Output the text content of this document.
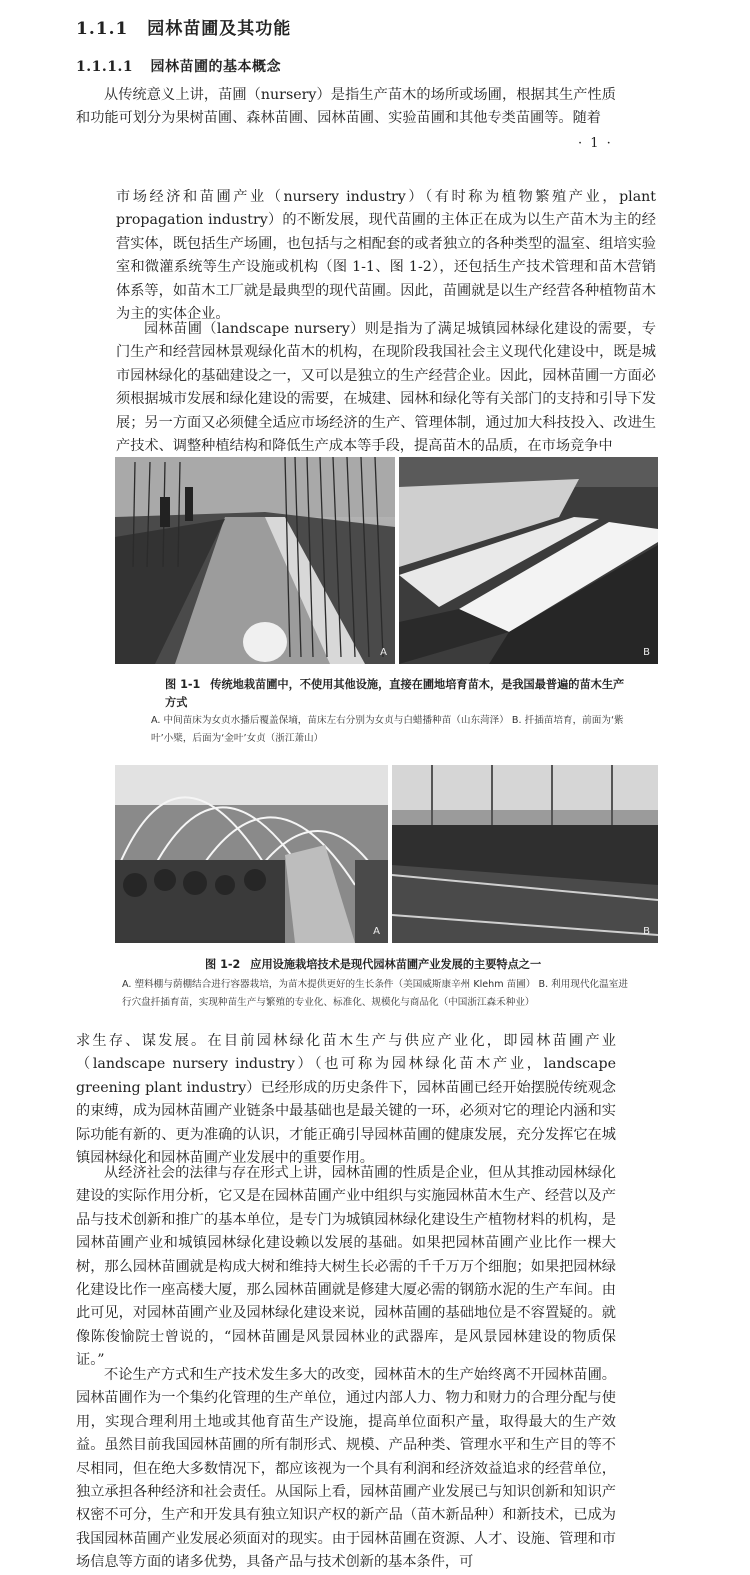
1.1.1 园林苗圃及其功能
1.1.1.1 园林苗圃的基本概念

从传统意义上讲，苗圃（nursery）是指生产苗木的场所或场圃，根据其生产性质和功能可划分为果树苗圃、森林苗圃、园林苗圃、实验苗圃和其他专类苗圃等。随着

· 1 ·

市场经济和苗圃产业（nursery industry）（有时称为植物繁殖产业，plant propagation industry）的不断发展，现代苗圃的主体正在成为以生产苗木为主的经营实体，既包括生产场圃，也包括与之相配套的或者独立的各种类型的温室、组培实验室和微灌系统等生产设施或机构（图 1-1、图 1-2），还包括生产技术管理和苗木营销体系等，如苗木工厂就是最典型的现代苗圃。因此，苗圃就是以生产经营各种植物苗木为主的实体企业。

园林苗圃（landscape nursery）则是指为了满足城镇园林绿化建设的需要，专门生产和经营园林景观绿化苗木的机构，在现阶段我国社会主义现代化建设中，既是城市园林绿化的基础建设之一，又可以是独立的生产经营企业。因此，园林苗圃一方面必须根据城市发展和绿化建设的需要，在城建、园林和绿化等有关部门的支持和引导下发展；另一方面又必须健全适应市场经济的生产、管理体制，通过加大科技投入、改进生产技术、调整种植结构和降低生产成本等手段，提高苗木的品质，在市场竞争中

A	B
图 1-1 传统地栽苗圃中，不使用其他设施，直接在圃地培育苗木，是我国最普遍的苗木生产方式
A. 中间苗床为女贞水播后覆盖保墒，苗床左右分别为女贞与白蜡播种苗（山东菏泽） B. 扦插苗培育，前面为‘紫叶’小檗，后面为‘金叶’女贞（浙江萧山）
A	B
图 1-2 应用设施栽培技术是现代园林苗圃产业发展的主要特点之一
A. 塑料棚与荫棚结合进行容器栽培，为苗木提供更好的生长条件（美国威斯康辛州 Klehm 苗圃） B. 利用现代化温室进行穴盘扦插育苗，实现种苗生产与繁殖的专业化、标准化、规模化与商品化（中国浙江森禾种业）

求生存、谋发展。在目前园林绿化苗木生产与供应产业化，即园林苗圃产业（landscape nursery industry）（也可称为园林绿化苗木产业，landscape greening plant industry）已经形成的历史条件下，园林苗圃已经开始摆脱传统观念的束缚，成为园林苗圃产业链条中最基础也是最关键的一环，必须对它的理论内涵和实际功能有新的、更为准确的认识，才能正确引导园林苗圃的健康发展，充分发挥它在城镇园林绿化和园林苗圃产业发展中的重要作用。

从经济社会的法律与存在形式上讲，园林苗圃的性质是企业，但从其推动园林绿化建设的实际作用分析，它又是在园林苗圃产业中组织与实施园林苗木生产、经营以及产品与技术创新和推广的基本单位，是专门为城镇园林绿化建设生产植物材料的机构，是园林苗圃产业和城镇园林绿化建设赖以发展的基础。如果把园林苗圃产业比作一棵大树，那么园林苗圃就是构成大树和维持大树生长必需的千千万万个细胞；如果把园林绿化建设比作一座高楼大厦，那么园林苗圃就是修建大厦必需的钢筋水泥的生产车间。由此可见，对园林苗圃产业及园林绿化建设来说，园林苗圃的基础地位是不容置疑的。就像陈俊愉院士曾说的，“园林苗圃是风景园林业的武器库，是风景园林建设的物质保证。”

不论生产方式和生产技术发生多大的改变，园林苗木的生产始终离不开园林苗圃。园林苗圃作为一个集约化管理的生产单位，通过内部人力、物力和财力的合理分配与使用，实现合理利用土地或其他育苗生产设施，提高单位面积产量，取得最大的生产效益。虽然目前我国园林苗圃的所有制形式、规模、产品种类、管理水平和生产目的等不尽相同，但在绝大多数情况下，都应该视为一个具有利润和经济效益追求的经营单位，独立承担各种经济和社会责任。从国际上看，园林苗圃产业发展已与知识创新和知识产权密不可分，生产和开发具有独立知识产权的新产品（苗木新品种）和新技术，已成为我国园林苗圃产业发展必须面对的现实。由于园林苗圃在资源、人才、设施、管理和市场信息等方面的诸多优势，具备产品与技术创新的基本条件，可
